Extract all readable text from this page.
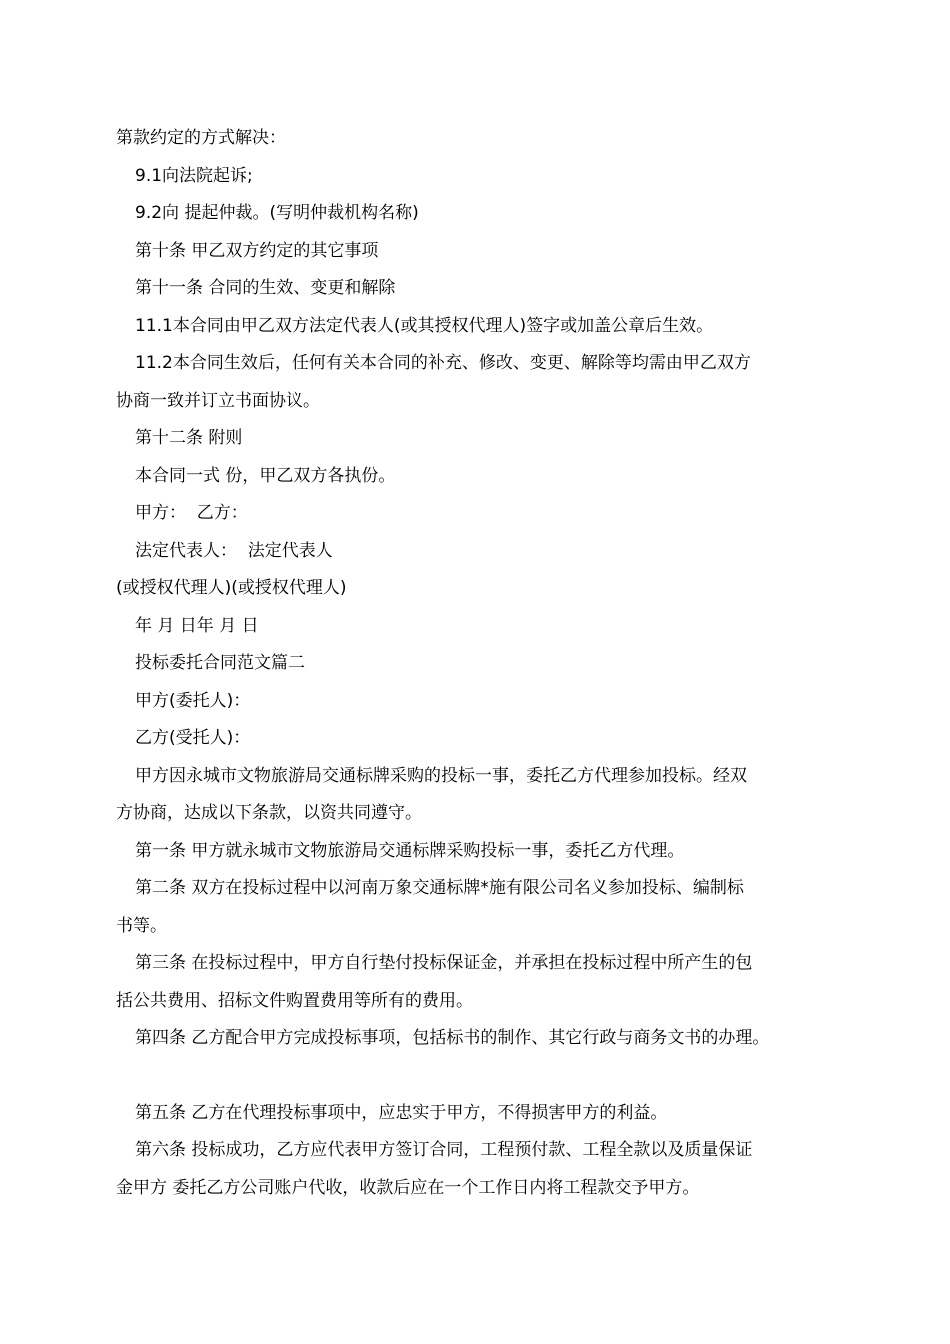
第款约定的方式解决：
9.1向法院起诉;
9.2向 提起仲裁。(写明仲裁机构名称)
第十条 甲乙双方约定的其它事项
第十一条 合同的生效、变更和解除
11.1本合同由甲乙双方法定代表人(或其授权代理人)签字或加盖公章后生效。
11.2本合同生效后，任何有关本合同的补充、修改、变更、解除等均需由甲乙双方
协商一致并订立书面协议。
第十二条 附则
本合同一式 份，甲乙双方各执份。
甲方：  乙方：
法定代表人：  法定代表人
(或授权代理人)(或授权代理人)
年 月 日年 月 日
投标委托合同范文篇二
甲方(委托人)：
乙方(受托人)：
甲方因永城市文物旅游局交通标牌采购的投标一事，委托乙方代理参加投标。经双
方协商，达成以下条款，以资共同遵守。
第一条 甲方就永城市文物旅游局交通标牌采购投标一事，委托乙方代理。
第二条 双方在投标过程中以河南万象交通标牌*施有限公司名义参加投标、编制标
书等。
第三条 在投标过程中，甲方自行垫付投标保证金，并承担在投标过程中所产生的包
括公共费用、招标文件购置费用等所有的费用。
第四条 乙方配合甲方完成投标事项，包括标书的制作、其它行政与商务文书的办理。
第五条 乙方在代理投标事项中，应忠实于甲方，不得损害甲方的利益。
第六条 投标成功，乙方应代表甲方签订合同，工程预付款、工程全款以及质量保证
金甲方 委托乙方公司账户代收，收款后应在一个工作日内将工程款交予甲方。
